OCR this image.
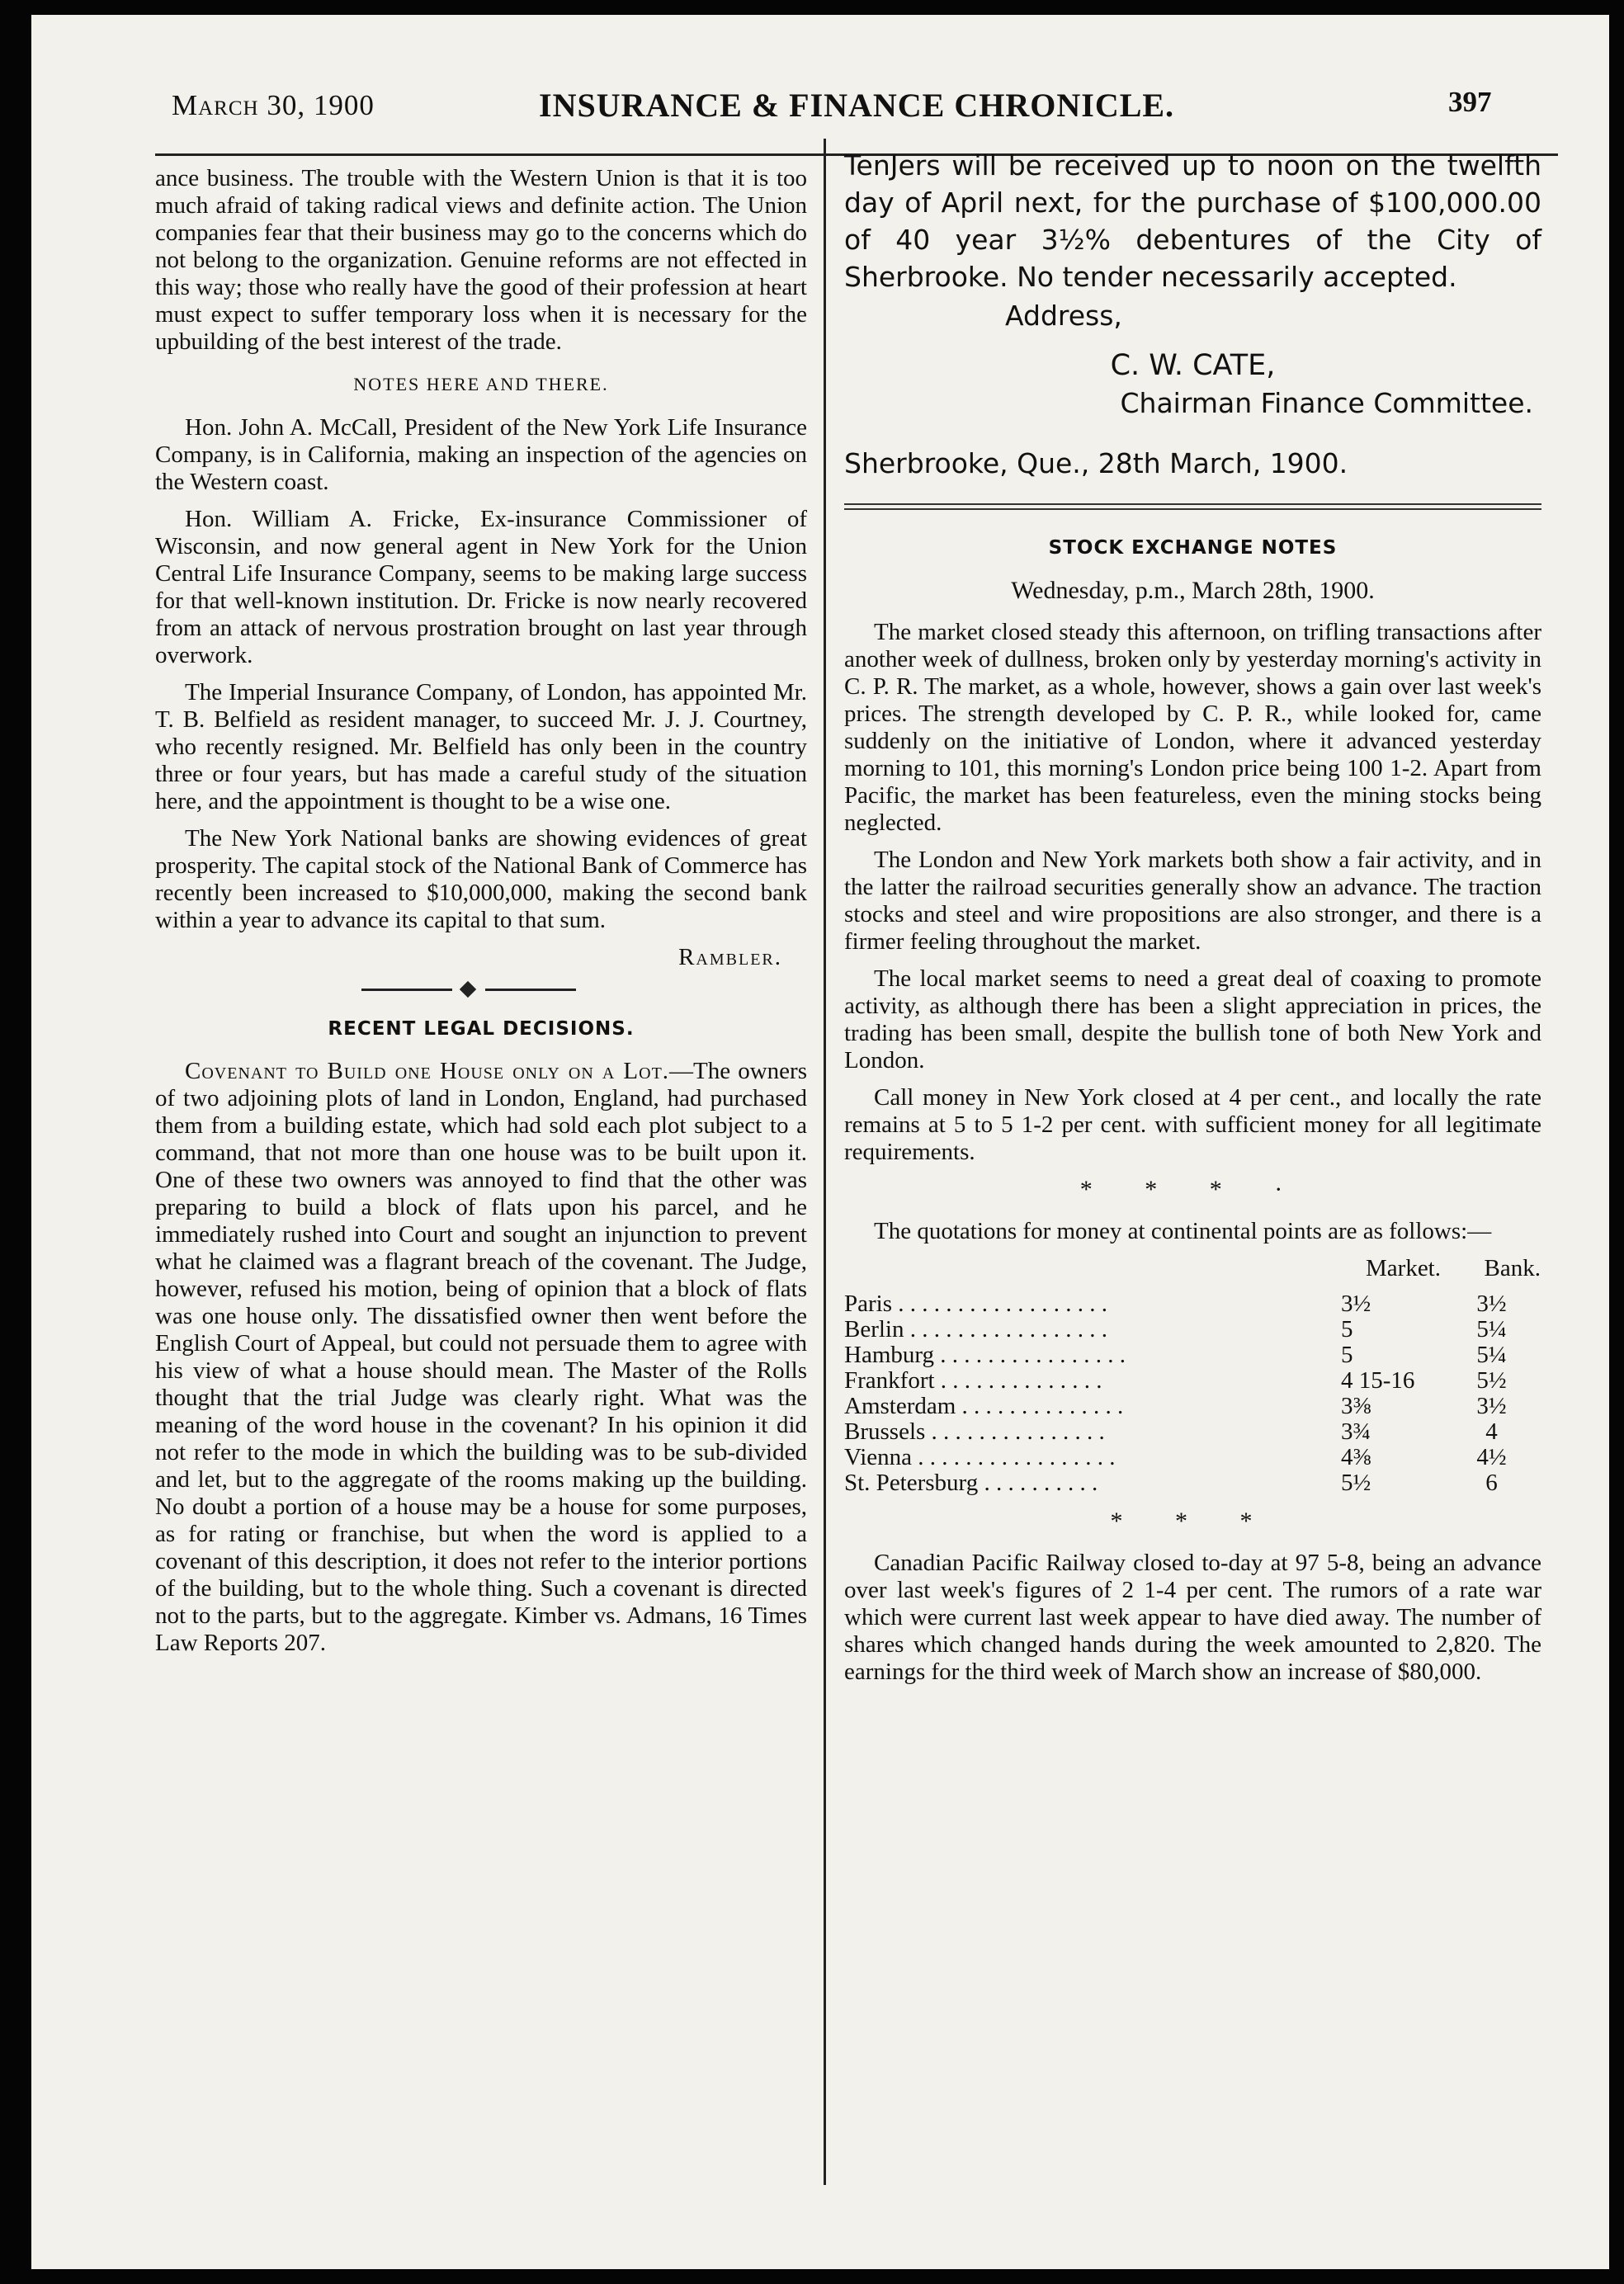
March 30, 1900	INSURANCE & FINANCE CHRONICLE.	397

ance business. The trouble with the Western Union is that it is too much afraid of taking radical views and definite action. The Union companies fear that their business may go to the concerns which do not belong to the organization. Genuine reforms are not effected in this way; those who really have the good of their profession at heart must expect to suffer temporary loss when it is necessary for the upbuilding of the best interest of the trade.

NOTES HERE AND THERE.

Hon. John A. McCall, President of the New York Life Insurance Company, is in California, making an inspection of the agencies on the Western coast.

Hon. William A. Fricke, Ex-insurance Commissioner of Wisconsin, and now general agent in New York for the Union Central Life Insurance Company, seems to be making large success for that well-known institution. Dr. Fricke is now nearly recovered from an attack of nervous prostration brought on last year through overwork.

The Imperial Insurance Company, of London, has appointed Mr. T. B. Belfield as resident manager, to succeed Mr. J. J. Courtney, who recently resigned. Mr. Belfield has only been in the country three or four years, but has made a careful study of the situation here, and the appointment is thought to be a wise one.

The New York National banks are showing evidences of great prosperity. The capital stock of the National Bank of Commerce has recently been increased to $10,000,000, making the second bank within a year to advance its capital to that sum.

Rambler.
RECENT LEGAL DECISIONS.

Covenant to Build one House only on a Lot.—The owners of two adjoining plots of land in London, England, had purchased them from a building estate, which had sold each plot subject to a command, that not more than one house was to be built upon it. One of these two owners was annoyed to find that the other was preparing to build a block of flats upon his parcel, and he immediately rushed into Court and sought an injunction to prevent what he claimed was a flagrant breach of the covenant. The Judge, however, refused his motion, being of opinion that a block of flats was one house only. The dissatisfied owner then went before the English Court of Appeal, but could not persuade them to agree with his view of what a house should mean. The Master of the Rolls thought that the trial Judge was clearly right. What was the meaning of the word house in the covenant? In his opinion it did not refer to the mode in which the building was to be sub-divided and let, but to the aggregate of the rooms making up the building. No doubt a portion of a house may be a house for some purposes, as for rating or franchise, but when the word is applied to a covenant of this description, it does not refer to the interior portions of the building, but to the whole thing. Such a covenant is directed not to the parts, but to the aggregate. Kimber vs. Admans, 16 Times Law Reports 207.

TenJers will be received up to noon on the twelfth day of April next, for the purchase of $100,000.00 of 40 year 3½% debentures of the City of Sherbrooke. No tender necessarily accepted.

Address,

C. W. CATE,

Chairman Finance Committee.

Sherbrooke, Que., 28th March, 1900.

STOCK EXCHANGE NOTES
Wednesday, p.m., March 28th, 1900.

The market closed steady this afternoon, on trifling transactions after another week of dullness, broken only by yesterday morning's activity in C. P. R. The market, as a whole, however, shows a gain over last week's prices. The strength developed by C. P. R., while looked for, came suddenly on the initiative of London, where it advanced yesterday morning to 101, this morning's London price being 100 1-2. Apart from Pacific, the market has been featureless, even the mining stocks being neglected.

The London and New York markets both show a fair activity, and in the latter the railroad securities generally show an advance. The traction stocks and steel and wire propositions are also stronger, and there is a firmer feeling throughout the market.

The local market seems to need a great deal of coaxing to promote activity, as although there has been a slight appreciation in prices, the trading has been small, despite the bullish tone of both New York and London.

Call money in New York closed at 4 per cent., and locally the rate remains at 5 to 5 1-2 per cent. with sufficient money for all legitimate requirements.

* * * ·

The quotations for money at continental points are as follows:—

	Market.	Bank.
Paris . . . . . . . . . . . . . . . . . .	3½	3½
Berlin . . . . . . . . . . . . . . . . .	5	5¼
Hamburg . . . . . . . . . . . . . . . .	5	5¼
Frankfort . . . . . . . . . . . . . .	4 15-16	5½
Amsterdam . . . . . . . . . . . . . .	3⅜	3½
Brussels . . . . . . . . . . . . . . .	3¾	4
Vienna . . . . . . . . . . . . . . . . .	4⅜	4½
St. Petersburg . . . . . . . . . .	5½	6
* * *

Canadian Pacific Railway closed to-day at 97 5-8, being an advance over last week's figures of 2 1-4 per cent. The rumors of a rate war which were current last week appear to have died away. The number of shares which changed hands during the week amounted to 2,820. The earnings for the third week of March show an increase of $80,000.
